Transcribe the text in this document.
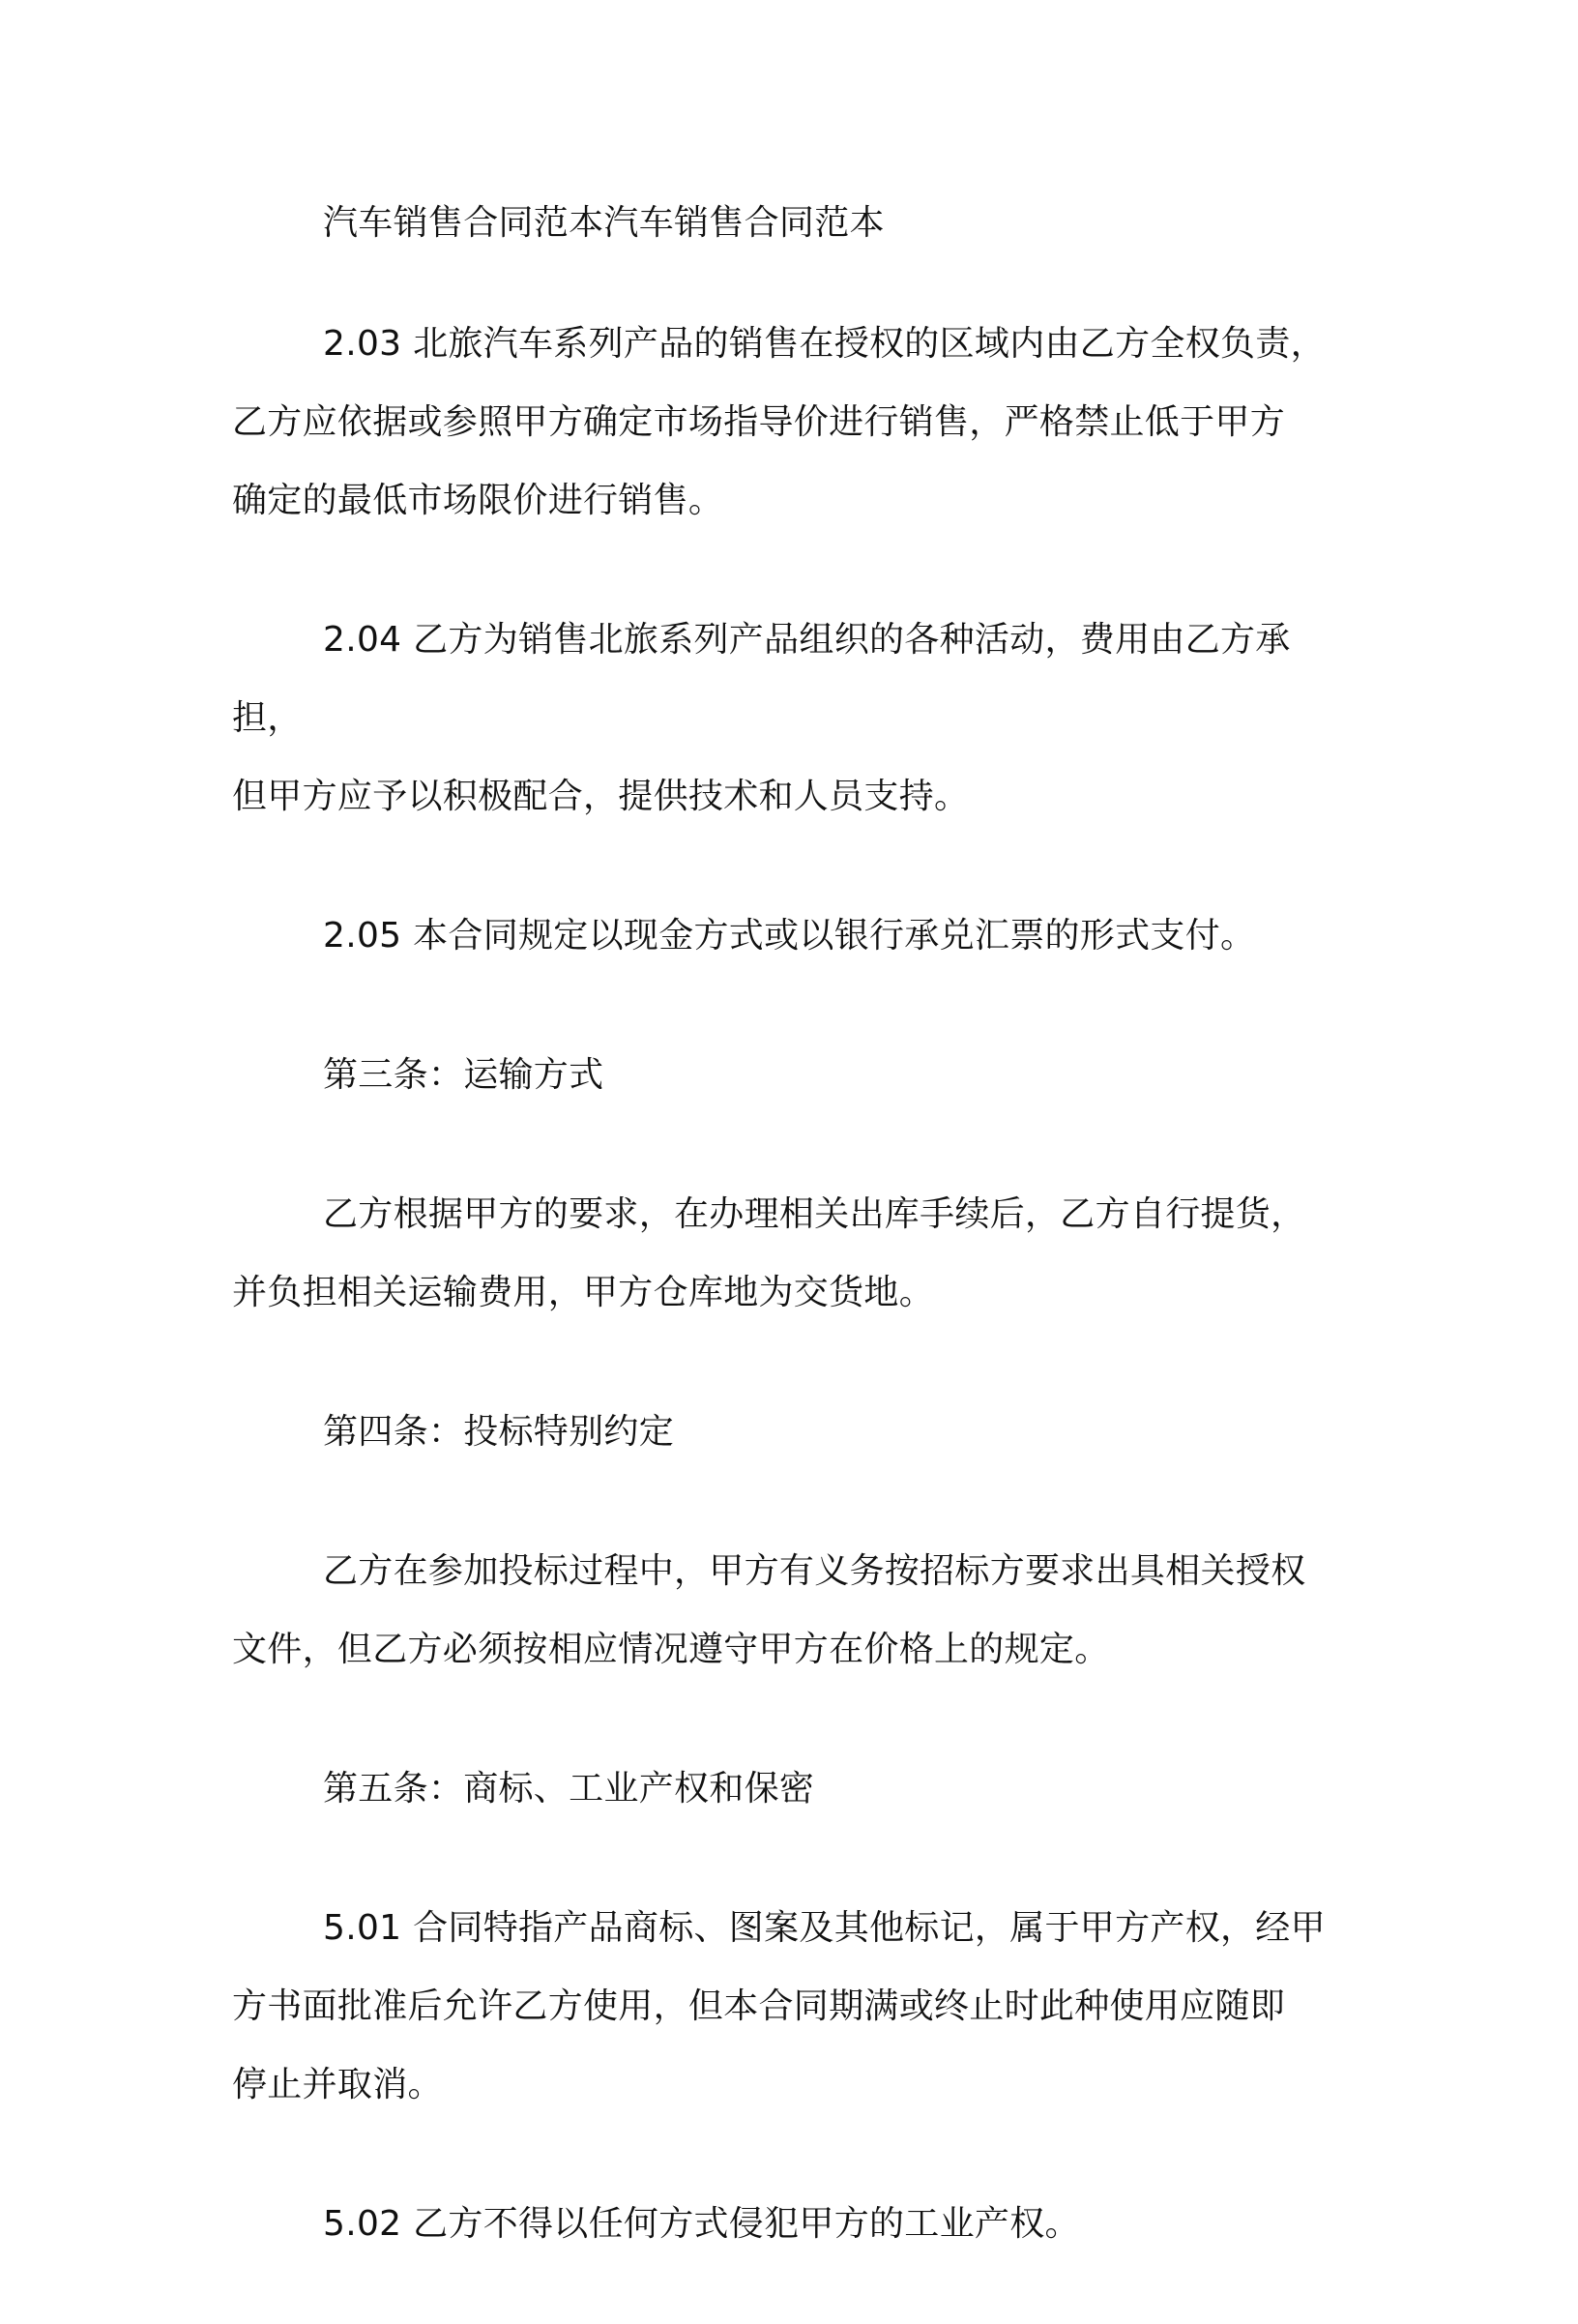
汽车销售合同范本汽车销售合同范本

2.03 北旅汽车系列产品的销售在授权的区域内由乙方全权负责，
乙方应依据或参照甲方确定市场指导价进行销售，严格禁止低于甲方
确定的最低市场限价进行销售。

2.04 乙方为销售北旅系列产品组织的各种活动，费用由乙方承担，
但甲方应予以积极配合，提供技术和人员支持。

2.05 本合同规定以现金方式或以银行承兑汇票的形式支付。

第三条：运输方式

乙方根据甲方的要求，在办理相关出库手续后，乙方自行提货，
并负担相关运输费用，甲方仓库地为交货地。

第四条：投标特别约定

乙方在参加投标过程中，甲方有义务按招标方要求出具相关授权
文件，但乙方必须按相应情况遵守甲方在价格上的规定。

第五条：商标、工业产权和保密

5.01 合同特指产品商标、图案及其他标记，属于甲方产权，经甲
方书面批准后允许乙方使用，但本合同期满或终止时此种使用应随即
停止并取消。

5.02 乙方不得以任何方式侵犯甲方的工业产权。
